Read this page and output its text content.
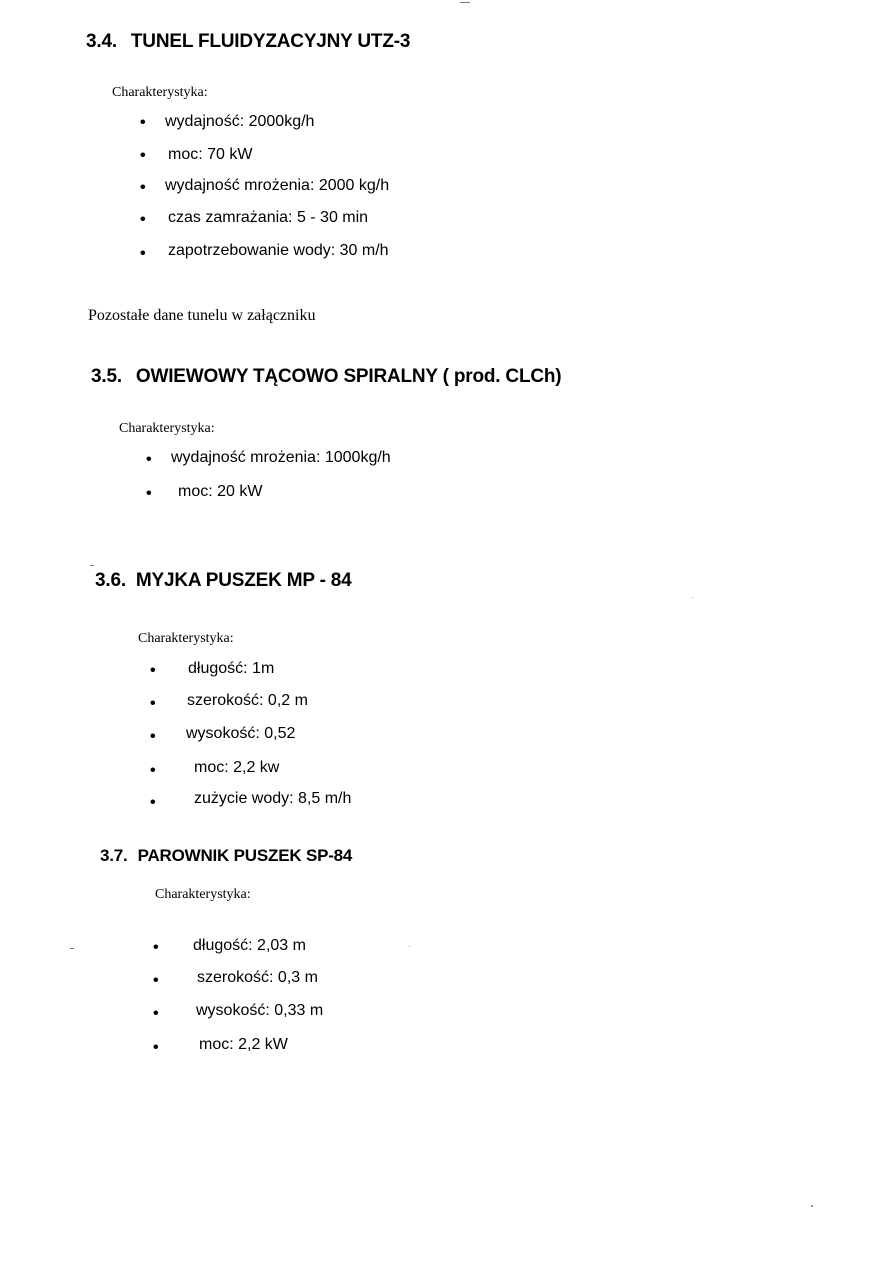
3.4. TUNEL FLUIDYZACYJNY UTZ-3
Charakterystyka:
• wydajność: 2000kg/h
• moc: 70 kW
• wydajność mrożenia: 2000 kg/h
• czas zamrażania: 5 - 30 min
• zapotrzebowanie wody: 30 m/h
Pozostałe dane tunelu w załączniku
3.5. OWIEWOWY TĄCOWO SPIRALNY ( prod. CLCh)
Charakterystyka:
• wydajność mrożenia: 1000kg/h
• moc: 20 kW
3.6. MYJKA PUSZEK MP - 84
Charakterystyka:
• długość: 1m
• szerokość: 0,2 m
• wysokość: 0,52
• moc: 2,2 kw
• zużycie wody: 8,5 m/h
3.7. PAROWNIK PUSZEK SP-84
Charakterystyka:
• długość: 2,03 m
• szerokość: 0,3 m
• wysokość: 0,33 m
•	moc: 2,2 kW
